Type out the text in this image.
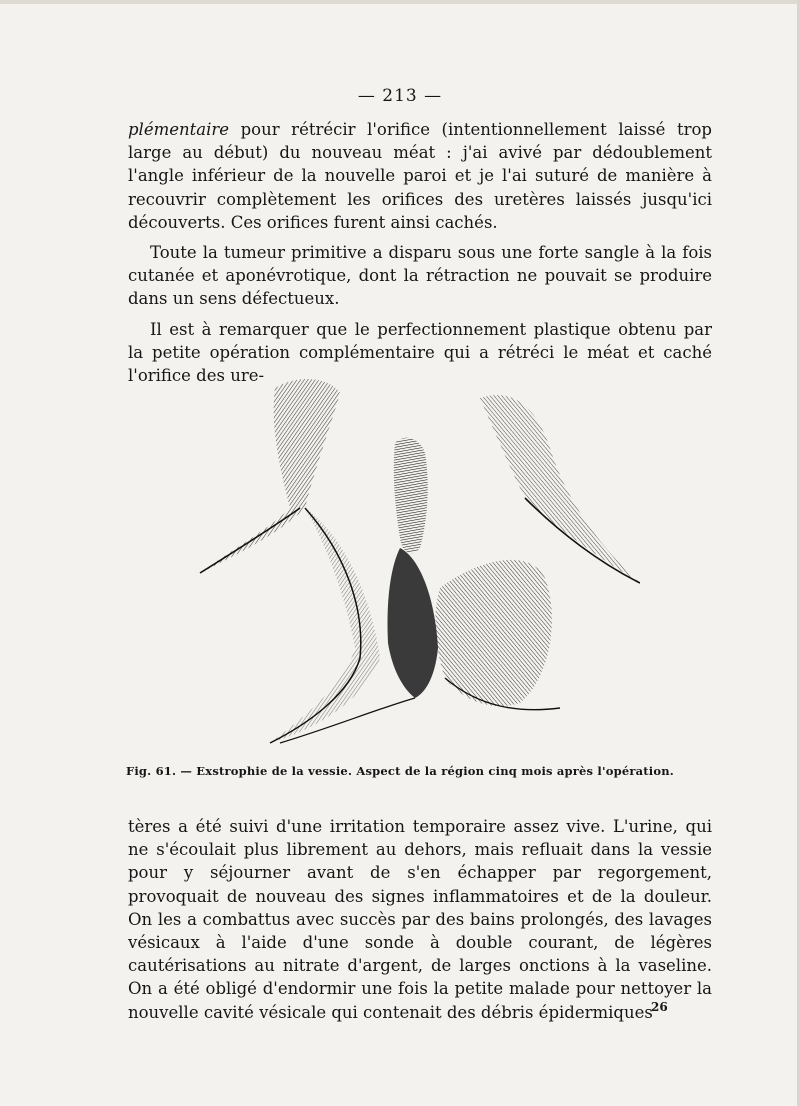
— 213 —

plémentaire pour rétrécir l'orifice (intentionnellement laissé trop large au début) du nouveau méat : j'ai avivé par dédoublement l'angle inférieur de la nouvelle paroi et je l'ai suturé de manière à recouvrir complètement les orifices des uretères laissés jusqu'ici découverts. Ces orifices furent ainsi cachés.

Toute la tumeur primitive a disparu sous une forte sangle à la fois cutanée et aponévrotique, dont la rétraction ne pouvait se produire dans un sens défectueux.

Il est à remarquer que le perfectionnement plastique obtenu par la petite opération complémentaire qui a rétréci le méat et caché l'orifice des ure-

Fig. 61. — Exstrophie de la vessie. Aspect de la région cinq mois après l'opération.

tères a été suivi d'une irritation temporaire assez vive. L'urine, qui ne s'écoulait plus librement au dehors, mais refluait dans la vessie pour y séjourner avant de s'en échapper par regorgement, provoquait de nouveau des signes inflammatoires et de la douleur. On les a combattus avec succès par des bains prolongés, des lavages vésicaux à l'aide d'une sonde à double courant, de légères cautérisations au nitrate d'argent, de larges onctions à la vaseline. On a été obligé d'endormir une fois la petite malade pour nettoyer la nouvelle cavité vésicale qui contenait des débris épidermiques

26
